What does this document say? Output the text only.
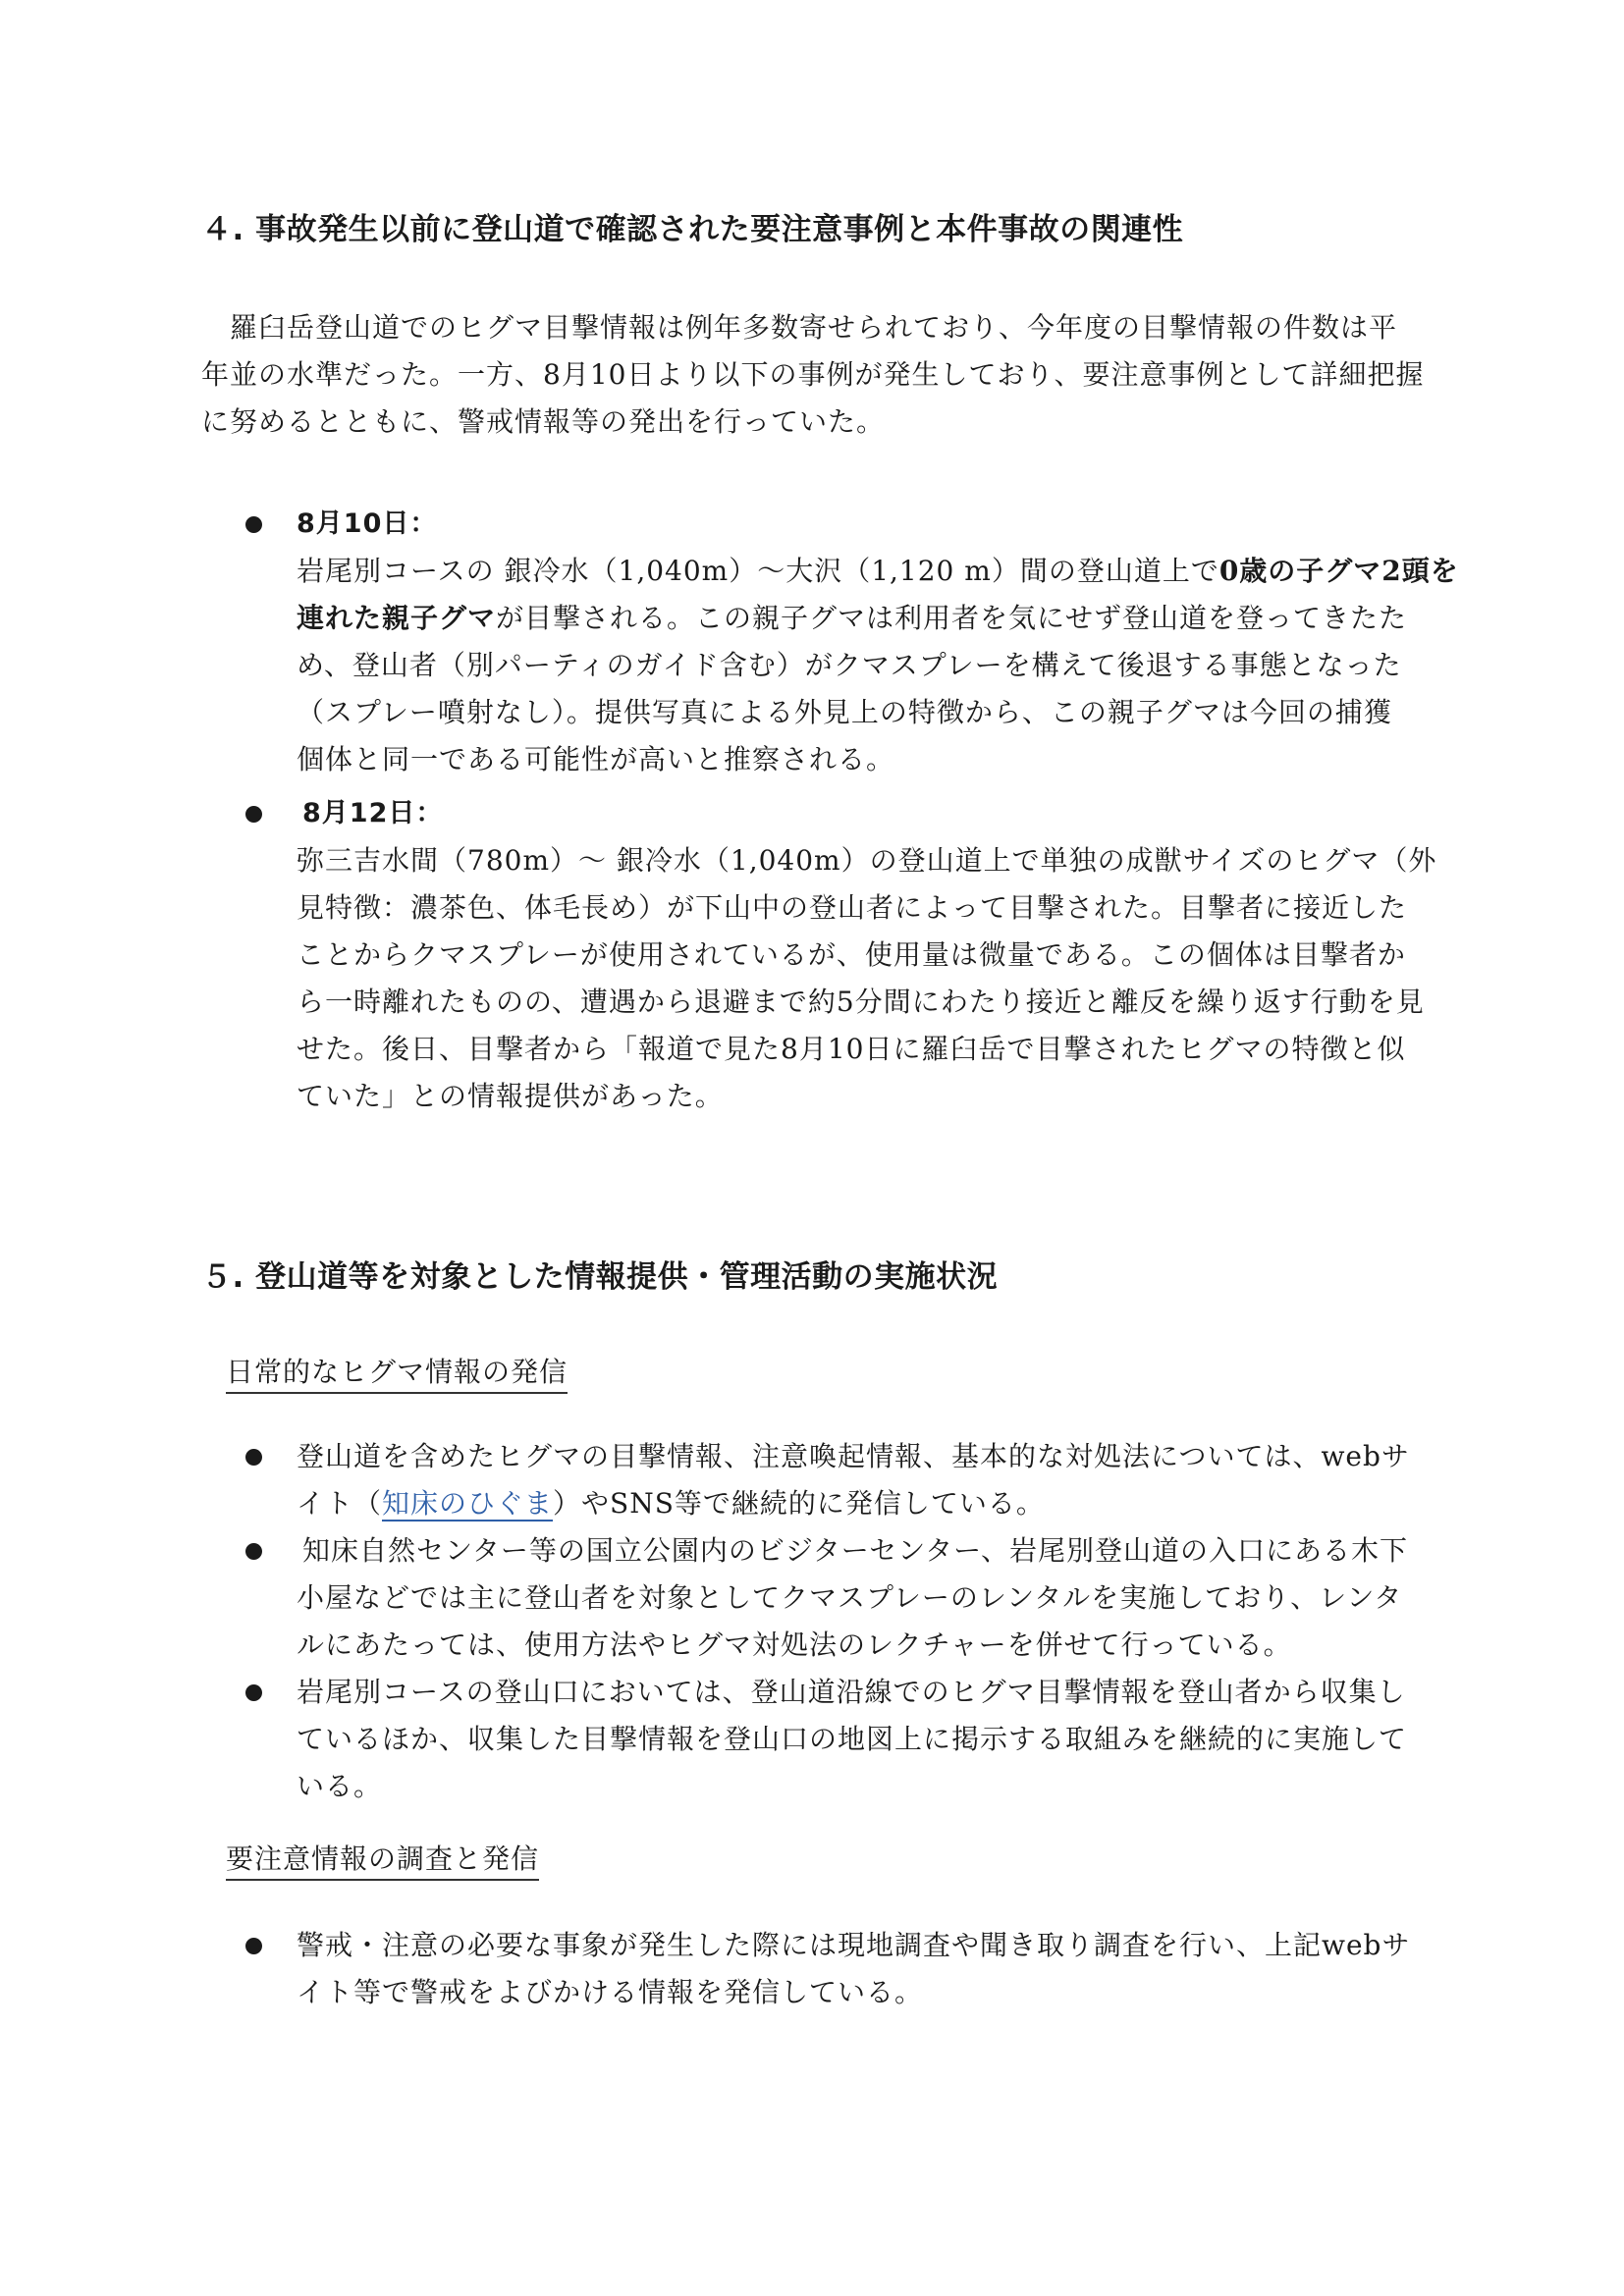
４. 事故発生以前に登山道で確認された要注意事例と本件事故の関連性

羅臼岳登山道でのヒグマ目撃情報は例年多数寄せられており、今年度の目撃情報の件数は平
年並の水準だった。一方、8月10日より以下の事例が発生しており、要注意事例として詳細把握
に努めるとともに、警戒情報等の発出を行っていた。

8月10日：
岩尾別コースの 銀冷水（1,040m）〜大沢（1,120 m）間の登山道上で0歳の子グマ2頭を
連れた親子グマが目撃される。この親子グマは利用者を気にせず登山道を登ってきたた
め、登山者（別パーティのガイド含む）がクマスプレーを構えて後退する事態となった
（スプレー噴射なし）。提供写真による外見上の特徴から、この親子グマは今回の捕獲
個体と同一である可能性が高いと推察される。
8月12日：
弥三吉水間（780m）〜 銀冷水（1,040m）の登山道上で単独の成獣サイズのヒグマ（外
見特徴：濃茶色、体毛長め）が下山中の登山者によって目撃された。目撃者に接近した
ことからクマスプレーが使用されているが、使用量は微量である。この個体は目撃者か
ら一時離れたものの、遭遇から退避まで約5分間にわたり接近と離反を繰り返す行動を見
せた。後日、目撃者から「報道で見た8月10日に羅臼岳で目撃されたヒグマの特徴と似
ていた」との情報提供があった。
５. 登山道等を対象とした情報提供・管理活動の実施状況

日常的なヒグマ情報の発信

登山道を含めたヒグマの目撃情報、注意喚起情報、基本的な対処法については、webサ
イト（知床のひぐま）やSNS等で継続的に発信している。
知床自然センター等の国立公園内のビジターセンター、岩尾別登山道の入口にある木下
小屋などでは主に登山者を対象としてクマスプレーのレンタルを実施しており、レンタ
ルにあたっては、使用方法やヒグマ対処法のレクチャーを併せて行っている。
岩尾別コースの登山口においては、登山道沿線でのヒグマ目撃情報を登山者から収集し
ているほか、収集した目撃情報を登山口の地図上に掲示する取組みを継続的に実施して
いる。

要注意情報の調査と発信

警戒・注意の必要な事象が発生した際には現地調査や聞き取り調査を行い、上記webサ
イト等で警戒をよびかける情報を発信している。
